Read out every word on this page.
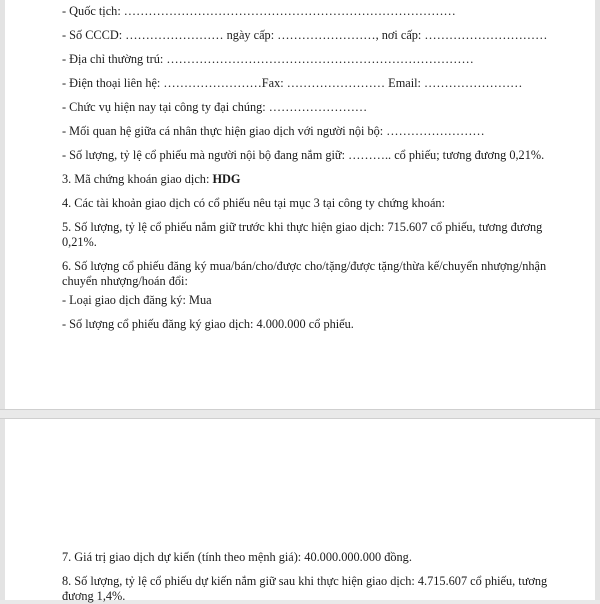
- Quốc tịch: ………………………………………………………………………

- Số CCCD: …………………… ngày cấp: ……………………, nơi cấp: …………………………

- Địa chỉ thường trú: …………………………………………………………………

- Điện thoại liên hệ: ……………………Fax: …………………… Email: ……………………

- Chức vụ hiện nay tại công ty đại chúng: ……………………

- Mối quan hệ giữa cá nhân thực hiện giao dịch với người nội bộ: ……………………

- Số lượng, tỷ lệ cổ phiếu mà người nội bộ đang nắm giữ: ……….. cổ phiếu; tương đương 0,21%.

3. Mã chứng khoán giao dịch: HDG

4. Các tài khoản giao dịch có cổ phiếu nêu tại mục 3 tại công ty chứng khoán:

5. Số lượng, tỷ lệ cổ phiếu nắm giữ trước khi thực hiện giao dịch: 715.607 cổ phiếu, tương đương 0,21%.

6. Số lượng cổ phiếu đăng ký mua/bán/cho/được cho/tặng/được tặng/thừa kế/chuyển nhượng/nhận chuyển nhượng/hoán đổi:

- Loại giao dịch đăng ký: Mua

- Số lượng cổ phiếu đăng ký giao dịch: 4.000.000 cổ phiếu.

7. Giá trị giao dịch dự kiến (tính theo mệnh giá): 40.000.000.000 đồng.

8. Số lượng, tỷ lệ cổ phiếu dự kiến nắm giữ sau khi thực hiện giao dịch: 4.715.607 cổ phiếu, tương đương 1,4%.
